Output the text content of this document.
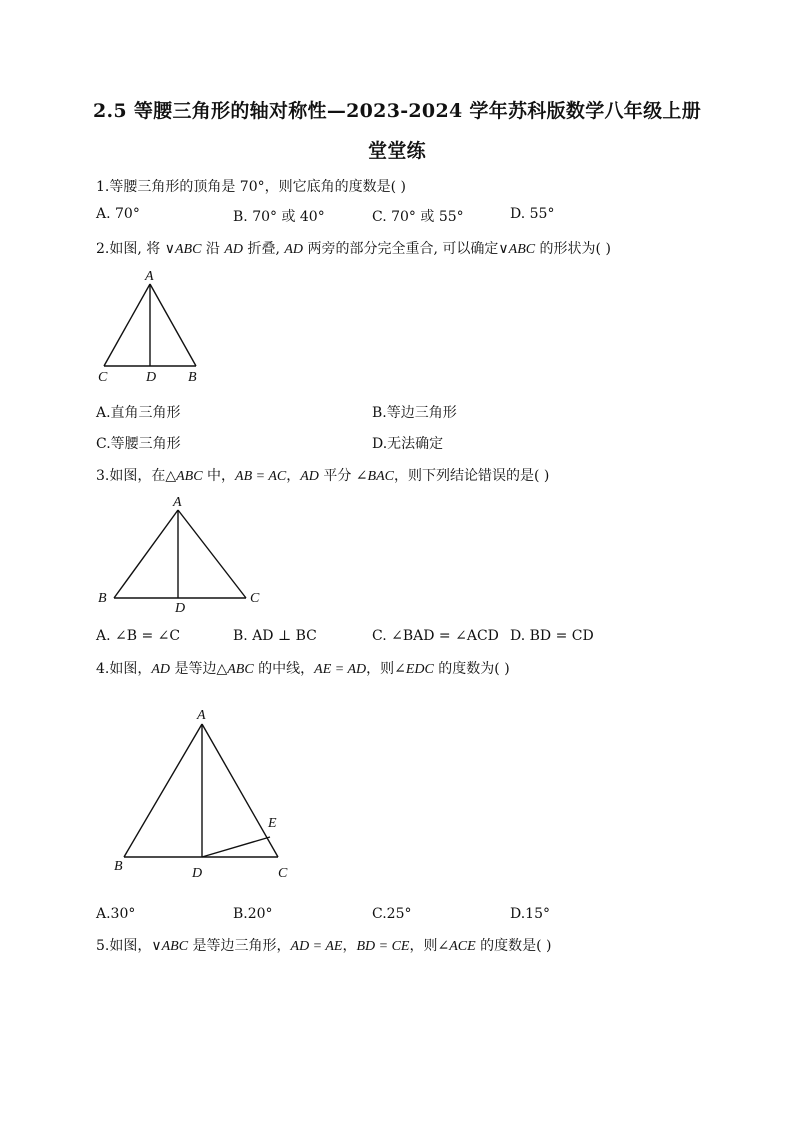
2.5 等腰三角形的轴对称性—2023-2024 学年苏科版数学八年级上册
堂堂练
1.等腰三角形的顶角是 70°，则它底角的度数是( )
A. 70°	B. 70° 或 40°	C. 70° 或 55°	D. 55°
2.如图, 将 ∨ABC 沿 AD 折叠, AD 两旁的部分完全重合, 可以确定∨ABC 的形状为( )
A
C	D B
A.直角三角形	B.等边三角形
C.等腰三角形	D.无法确定
3.如图，在△ABC 中，AB = AC，AD 平分 ∠BAC，则下列结论错误的是( )
A
B
D
C
A. ∠B = ∠C	B. AD ⊥ BC	C. ∠BAD = ∠ACD D. BD = CD
4.如图，AD 是等边△ABC 的中线，AE = AD，则∠EDC 的度数为( )
A
E
B	D	C
A.30°	B.20°	C.25°	D.15°
5.如图，∨ABC 是等边三角形，AD = AE，BD = CE，则∠ACE 的度数是( )
